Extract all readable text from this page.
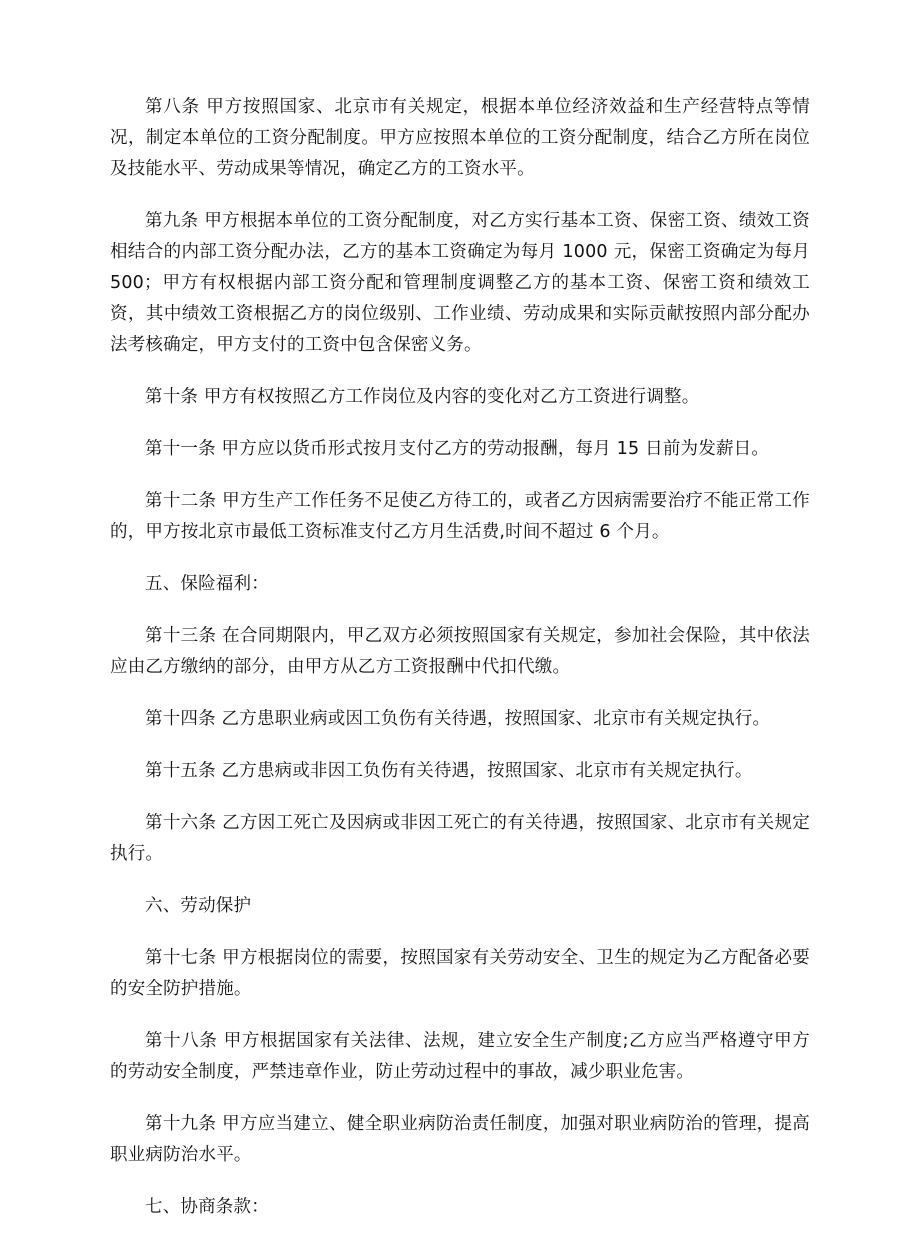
第八条 甲方按照国家、北京市有关规定，根据本单位经济效益和生产经营特点等情况，制定本单位的工资分配制度。甲方应按照本单位的工资分配制度，结合乙方所在岗位及技能水平、劳动成果等情况，确定乙方的工资水平。

第九条 甲方根据本单位的工资分配制度，对乙方实行基本工资、保密工资、绩效工资相结合的内部工资分配办法，乙方的基本工资确定为每月 1000 元，保密工资确定为每月 500；甲方有权根据内部工资分配和管理制度调整乙方的基本工资、保密工资和绩效工资，其中绩效工资根据乙方的岗位级别、工作业绩、劳动成果和实际贡献按照内部分配办法考核确定，甲方支付的工资中包含保密义务。

第十条 甲方有权按照乙方工作岗位及内容的变化对乙方工资进行调整。

第十一条 甲方应以货币形式按月支付乙方的劳动报酬，每月 15 日前为发薪日。

第十二条 甲方生产工作任务不足使乙方待工的，或者乙方因病需要治疗不能正常工作的，甲方按北京市最低工资标准支付乙方月生活费,时间不超过 6 个月。

五、保险福利：

第十三条 在合同期限内，甲乙双方必须按照国家有关规定，参加社会保险，其中依法应由乙方缴纳的部分，由甲方从乙方工资报酬中代扣代缴。

第十四条 乙方患职业病或因工负伤有关待遇，按照国家、北京市有关规定执行。

第十五条 乙方患病或非因工负伤有关待遇，按照国家、北京市有关规定执行。

第十六条 乙方因工死亡及因病或非因工死亡的有关待遇，按照国家、北京市有关规定执行。

六、劳动保护

第十七条 甲方根据岗位的需要，按照国家有关劳动安全、卫生的规定为乙方配备必要的安全防护措施。

第十八条 甲方根据国家有关法律、法规，建立安全生产制度;乙方应当严格遵守甲方的劳动安全制度，严禁违章作业，防止劳动过程中的事故，减少职业危害。

第十九条 甲方应当建立、健全职业病防治责任制度，加强对职业病防治的管理，提高职业病防治水平。

七、协商条款：
